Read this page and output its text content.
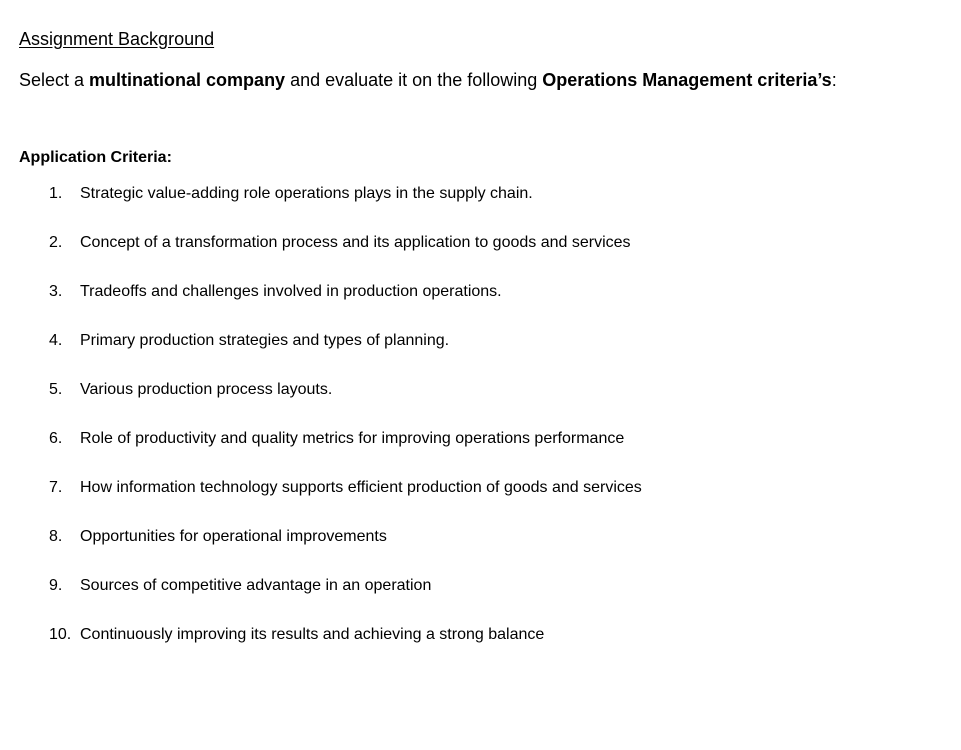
Assignment Background
Select a multinational company and evaluate it on the following Operations Management criteria’s:
Application Criteria:
1.	Strategic value-adding role operations plays in the supply chain.
2.	Concept of a transformation process and its application to goods and services
3.	Tradeoffs and challenges involved in production operations.
4.	Primary production strategies and types of planning.
5.	Various production process layouts.
6.	Role of productivity and quality metrics for improving operations performance
7.	How information technology supports efficient production of goods and services
8.	Opportunities for operational improvements
9.	Sources of competitive advantage in an operation
10. Continuously improving its results and achieving a strong balance
